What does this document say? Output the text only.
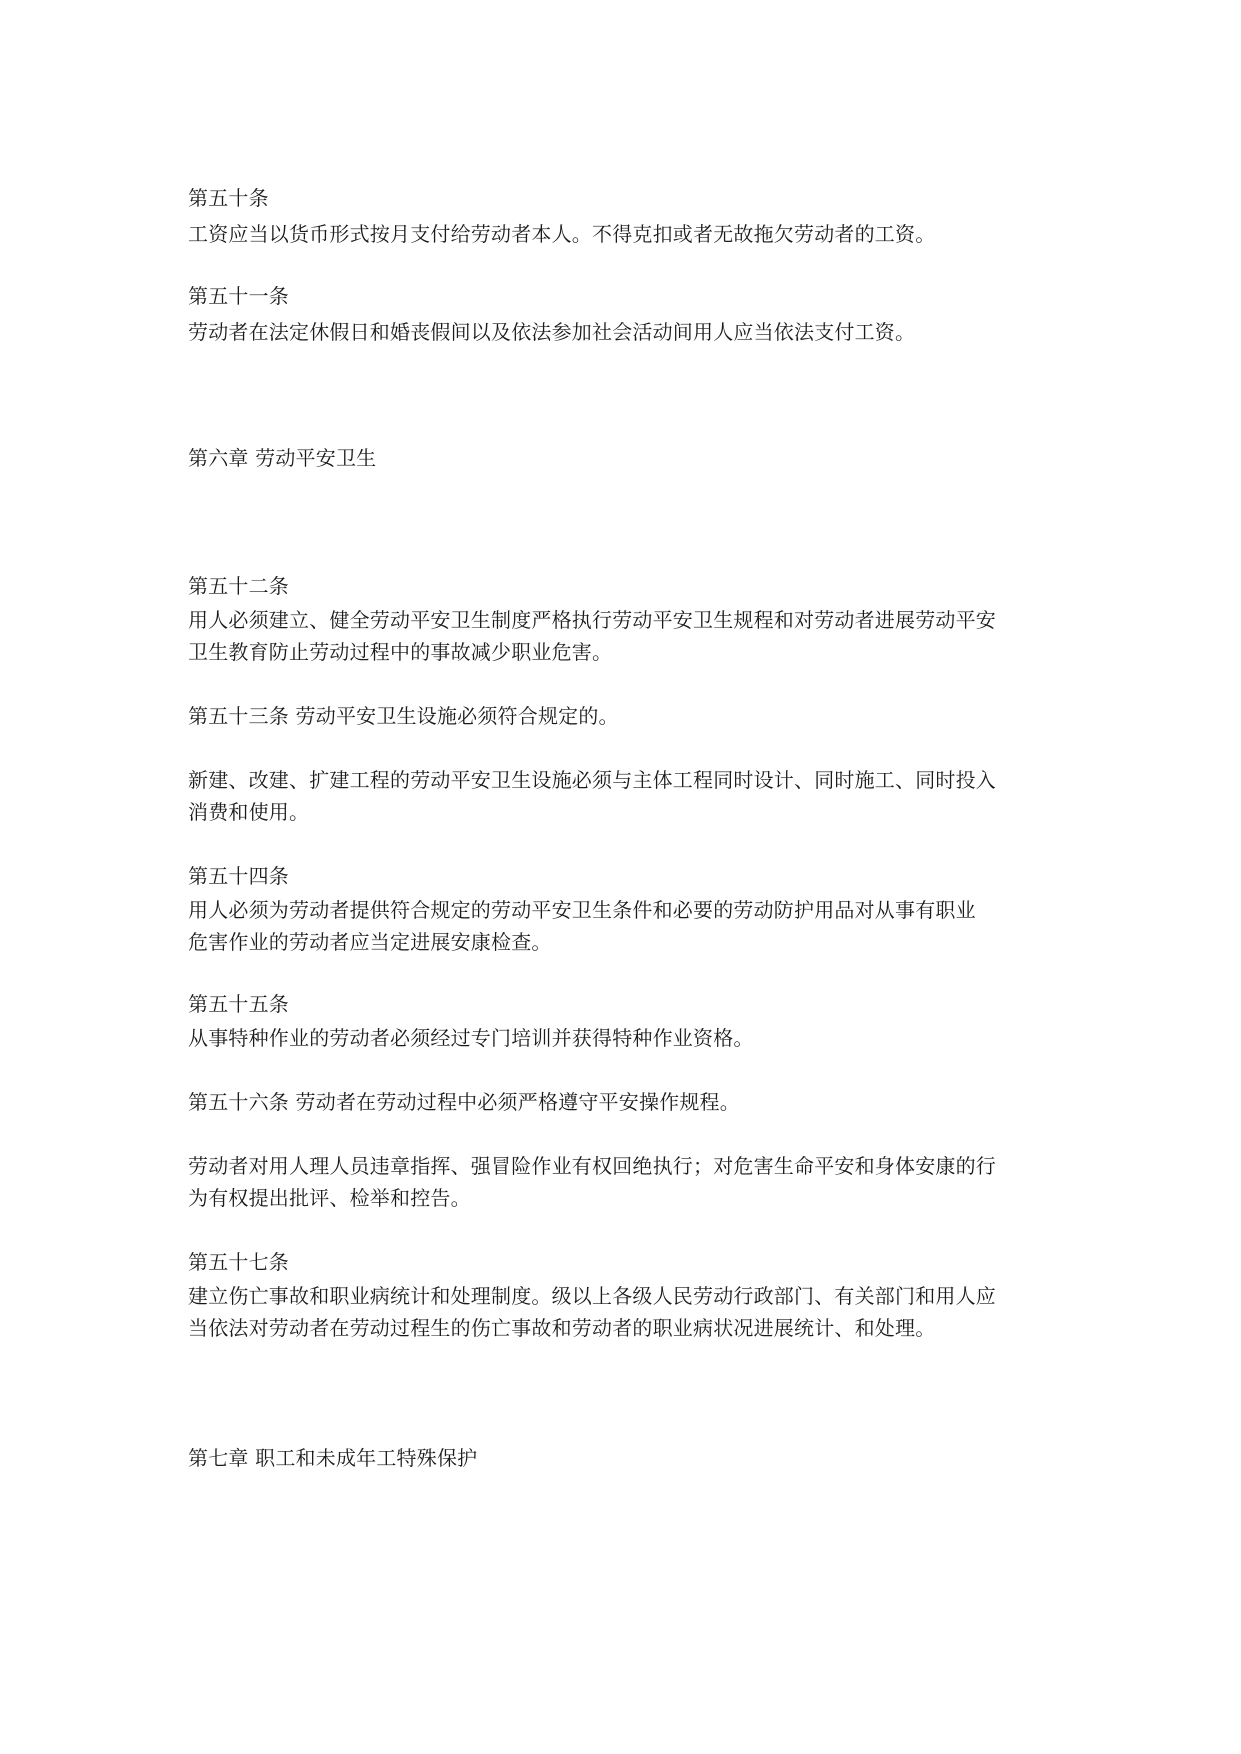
第五十条
工资应当以货币形式按月支付给劳动者本人。不得克扣或者无故拖欠劳动者的工资。
第五十一条
劳动者在法定休假日和婚丧假间以及依法参加社会活动间用人应当依法支付工资。
第六章 劳动平安卫生
第五十二条
用人必须建立、健全劳动平安卫生制度严格执行劳动平安卫生规程和对劳动者进展劳动平安
卫生教育防止劳动过程中的事故减少职业危害。
第五十三条 劳动平安卫生设施必须符合规定的。
新建、改建、扩建工程的劳动平安卫生设施必须与主体工程同时设计、同时施工、同时投入
消费和使用。
第五十四条
用人必须为劳动者提供符合规定的劳动平安卫生条件和必要的劳动防护用品对从事有职业
危害作业的劳动者应当定进展安康检查。
第五十五条
从事特种作业的劳动者必须经过专门培训并获得特种作业资格。
第五十六条 劳动者在劳动过程中必须严格遵守平安操作规程。
劳动者对用人理人员违章指挥、强冒险作业有权回绝执行；对危害生命平安和身体安康的行
为有权提出批评、检举和控告。
第五十七条
建立伤亡事故和职业病统计和处理制度。级以上各级人民劳动行政部门、有关部门和用人应
当依法对劳动者在劳动过程生的伤亡事故和劳动者的职业病状况进展统计、和处理。
第七章 职工和未成年工特殊保护
